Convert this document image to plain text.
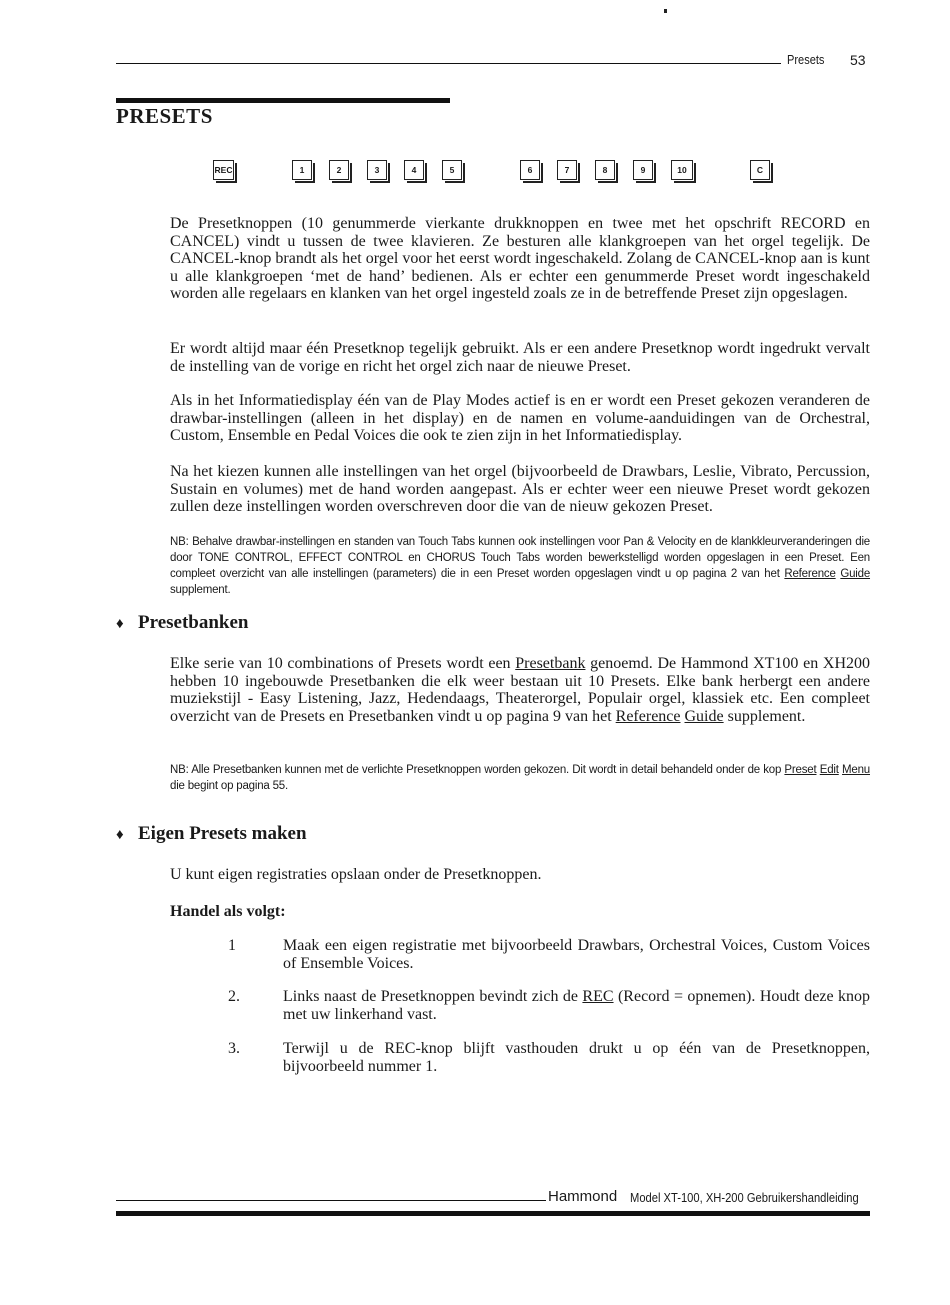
Presets 53
PRESETS
REC	1	2	3	4	5	6	7	8	9	10	C
De Presetknoppen (10 genummerde vierkante drukknoppen en twee met het opschrift RECORD en CANCEL) vindt u tussen de twee klavieren. Ze besturen alle klankgroepen van het orgel tegelijk. De CANCEL-knop brandt als het orgel voor het eerst wordt ingeschakeld. Zolang de CANCEL-knop aan is kunt u alle klankgroepen ‘met de hand’ bedienen. Als er echter een genummerde Preset wordt ingeschakeld worden alle regelaars en klanken van het orgel ingesteld zoals ze in de betreffende Preset zijn opgeslagen.
Er wordt altijd maar één Presetknop tegelijk gebruikt. Als er een andere Presetknop wordt ingedrukt vervalt de instelling van de vorige en richt het orgel zich naar de nieuwe Preset.
Als in het Informatiedisplay één van de Play Modes actief is en er wordt een Preset gekozen veranderen de drawbar-instellingen (alleen in het display) en de namen en volume-aanduidingen van de Orchestral, Custom, Ensemble en Pedal Voices die ook te zien zijn in het Informatiedisplay.
Na het kiezen kunnen alle instellingen van het orgel (bijvoorbeeld de Drawbars, Leslie, Vibrato, Percussion, Sustain en volumes) met de hand worden aangepast. Als er echter weer een nieuwe Preset wordt gekozen zullen deze instellingen worden overschreven door die van de nieuw gekozen Preset.
NB: Behalve drawbar-instellingen en standen van Touch Tabs kunnen ook instellingen voor Pan & Velocity en de klankkleurveranderingen die door TONE CONTROL, EFFECT CONTROL en CHORUS Touch Tabs worden bewerkstelligd worden opgeslagen in een Preset. Een compleet overzicht van alle instellingen (parameters) die in een Preset worden opgeslagen vindt u op pagina 2 van het Reference Guide supplement.
♦ Presetbanken
Elke serie van 10 combinations of Presets wordt een Presetbank genoemd. De Hammond XT100 en XH200 hebben 10 ingebouwde Presetbanken die elk weer bestaan uit 10 Presets. Elke bank herbergt een andere muziekstijl - Easy Listening, Jazz, Hedendaags, Theaterorgel, Populair orgel, klassiek etc. Een compleet overzicht van de Presets en Presetbanken vindt u op pagina 9 van het Reference Guide supplement.
NB: Alle Presetbanken kunnen met de verlichte Presetknoppen worden gekozen. Dit wordt in detail behandeld onder de kop Preset Edit Menu die begint op pagina 55.
♦ Eigen Presets maken
U kunt eigen registraties opslaan onder de Presetknoppen.
Handel als volgt:
1	Maak een eigen registratie met bijvoorbeeld Drawbars, Orchestral Voices, Custom Voices of Ensemble Voices.
2.	Links naast de Presetknoppen bevindt zich de REC (Record = opnemen). Houdt deze knop met uw linkerhand vast.
3.	Terwijl u de REC-knop blijft vasthouden drukt u op één van de Presetknoppen, bijvoorbeeld nummer 1.
Hammond Model XT-100, XH-200 Gebruikershandleiding
